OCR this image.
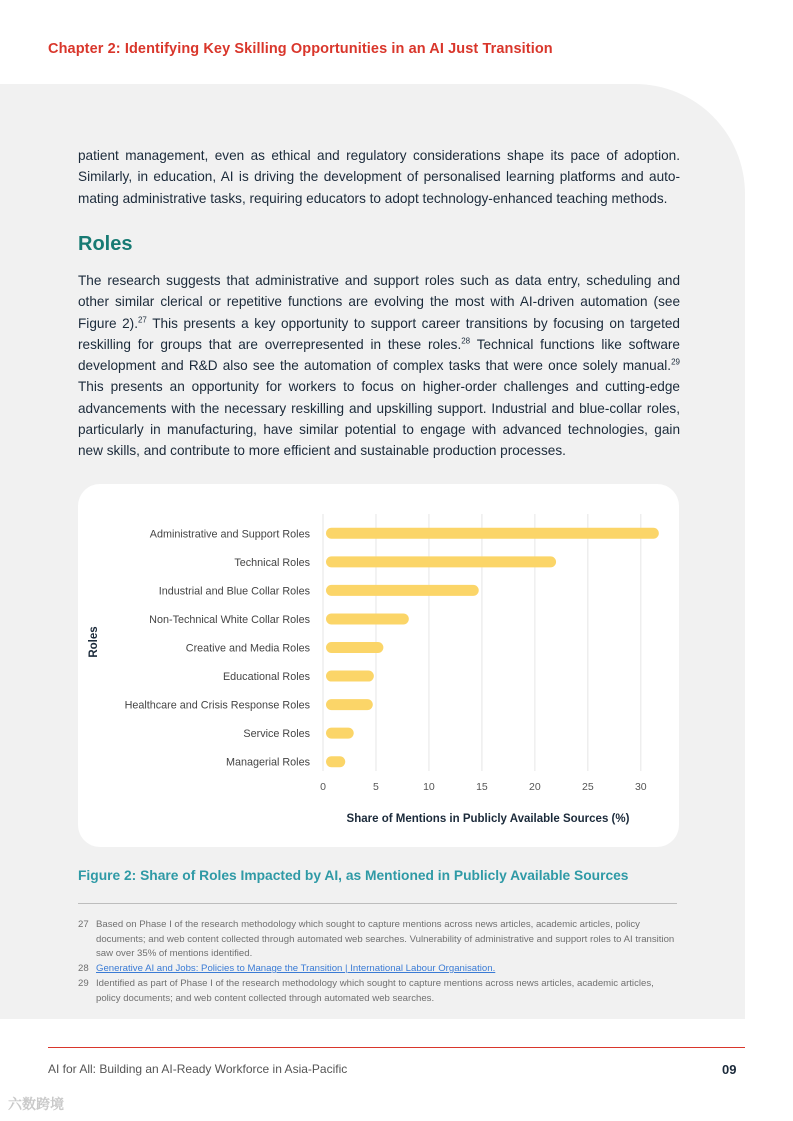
Chapter 2: Identifying Key Skilling Opportunities in an AI Just Transition
patient management, even as ethical and regulatory considerations shape its pace of adoption. Similarly, in education, AI is driving the development of personalised learning platforms and auto-mating administrative tasks, requiring educators to adopt technology-enhanced teaching methods.
Roles
The research suggests that administrative and support roles such as data entry, scheduling and other similar clerical or repetitive functions are evolving the most with AI-driven automation (see Figure 2).$^{27}$ This presents a key opportunity to support career transitions by focusing on targeted reskilling for groups that are overrepresented in these roles.$^{28}$ Technical functions like software development and R&D also see the automation of complex tasks that were once solely manual.$^{29}$ This presents an opportunity for workers to focus on higher-order challenges and cutting-edge advancements with the necessary reskilling and upskilling support. Industrial and blue-collar roles, particularly in manufacturing, have similar potential to engage with advanced technologies, gain new skills, and contribute to more efficient and sustainable production processes.
0	5	10	15	20	25	30
Administrative and Support Roles
Technical Roles
Industrial and Blue Collar Roles
Non-Technical White Collar Roles
Creative and Media Roles
Educational Roles
Healthcare and Crisis Response Roles
Service Roles
Managerial Roles
Roles
Share of Mentions in Publicly Available Sources (%)
Figure 2: Share of Roles Impacted by AI, as Mentioned in Publicly Available Sources
27 Based on Phase I of the research methodology which sought to capture mentions across news articles, academic articles, policy documents; and web content collected through automated web searches. Vulnerability of administrative and support roles to AI transition saw over 35% of mentions identified.
28 Generative AI and Jobs: Policies to Manage the Transition | International Labour Organisation.
29 Identified as part of Phase I of the research methodology which sought to capture mentions across news articles, academic articles, policy documents; and web content collected through automated web searches.
AI for All: Building an AI-Ready Workforce in Asia-Pacific	09
六数跨境
